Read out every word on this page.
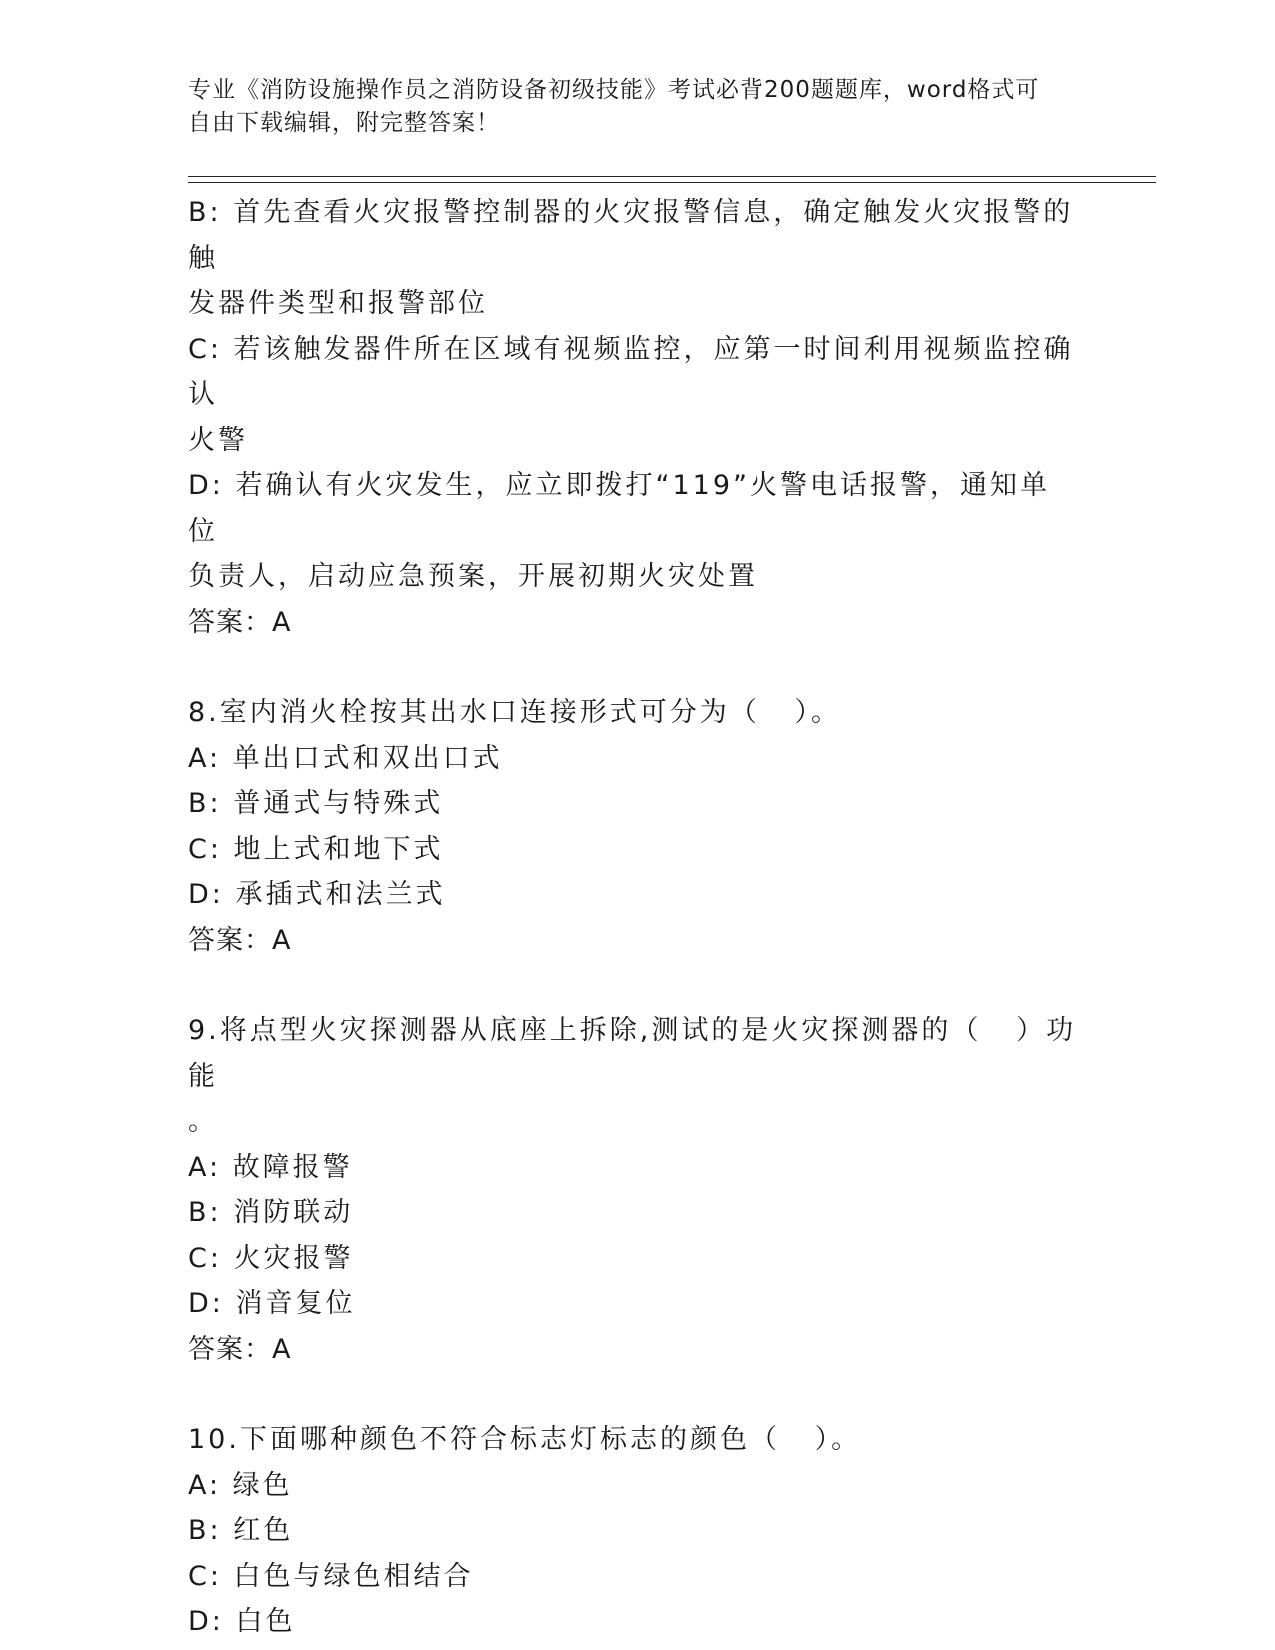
专业《消防设施操作员之消防设备初级技能》考试必背200题题库，word格式可
自由下载编辑，附完整答案！
B: 首先查看火灾报警控制器的火灾报警信息，确定触发火灾报警的触
发器件类型和报警部位
C: 若该触发器件所在区域有视频监控，应第一时间利用视频监控确认
火警
D: 若确认有火灾发生，应立即拨打“119”火警电话报警，通知单位
负责人，启动应急预案，开展初期火灾处置
答案：A
8.室内消火栓按其出水口连接形式可分为（   ）。
A: 单出口式和双出口式
B: 普通式与特殊式
C: 地上式和地下式
D: 承插式和法兰式
答案：A
9.将点型火灾探测器从底座上拆除,测试的是火灾探测器的（   ）功能
。
A: 故障报警
B: 消防联动
C: 火灾报警
D: 消音复位
答案：A
10.下面哪种颜色不符合标志灯标志的颜色（   ）。
A: 绿色
B: 红色
C: 白色与绿色相结合
D: 白色
